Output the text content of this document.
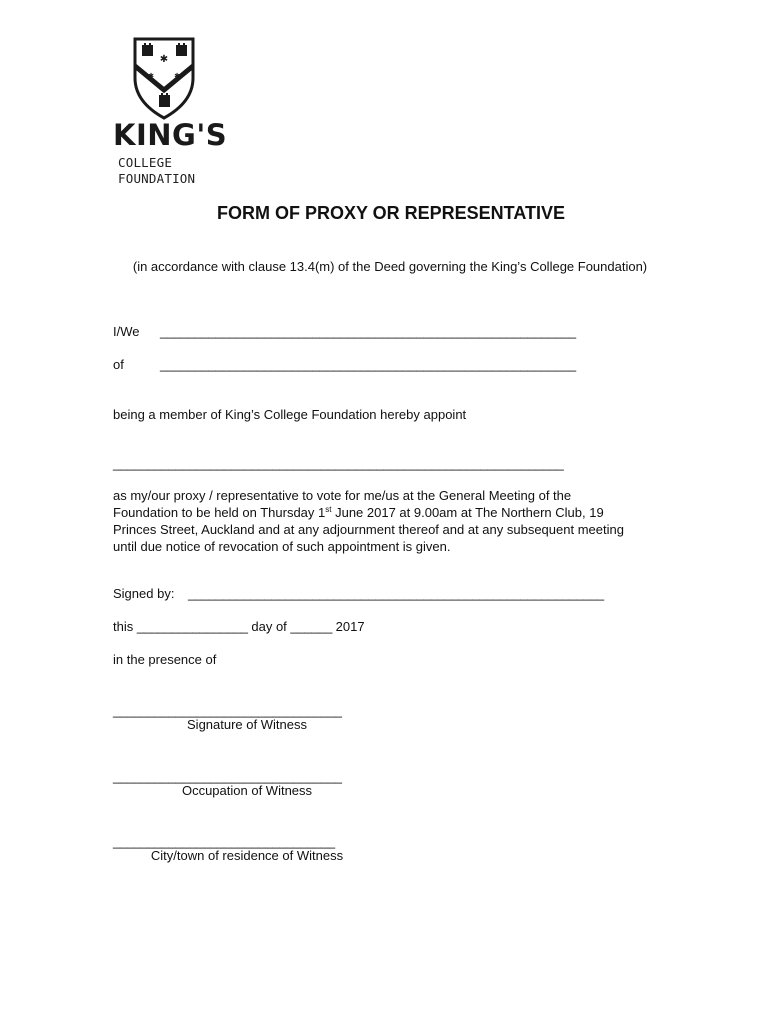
✱
✱	✱
KING'S
COLLEGE
FOUNDATION
FORM OF PROXY OR REPRESENTATIVE
(in accordance with clause 13.4(m) of the Deed governing the King’s College Foundation)
I/We ____________________________________________________________
of	____________________________________________________________
being a member of King’s College Foundation hereby appoint
_________________________________________________________________

as my/our proxy / representative to vote for me/us at the General Meeting of the

Foundation to be held on Thursday 1st June 2017 at 9.00am at The Northern Club, 19

Princes Street, Auckland and at any adjournment thereof and at any subsequent meeting

until due notice of revocation of such appointment is given.

Signed by: ____________________________________________________________
this ________________ day of ______ 2017
in the presence of
_________________________________
Signature of Witness
_________________________________
Occupation of Witness
________________________________
City/town of residence of Witness
